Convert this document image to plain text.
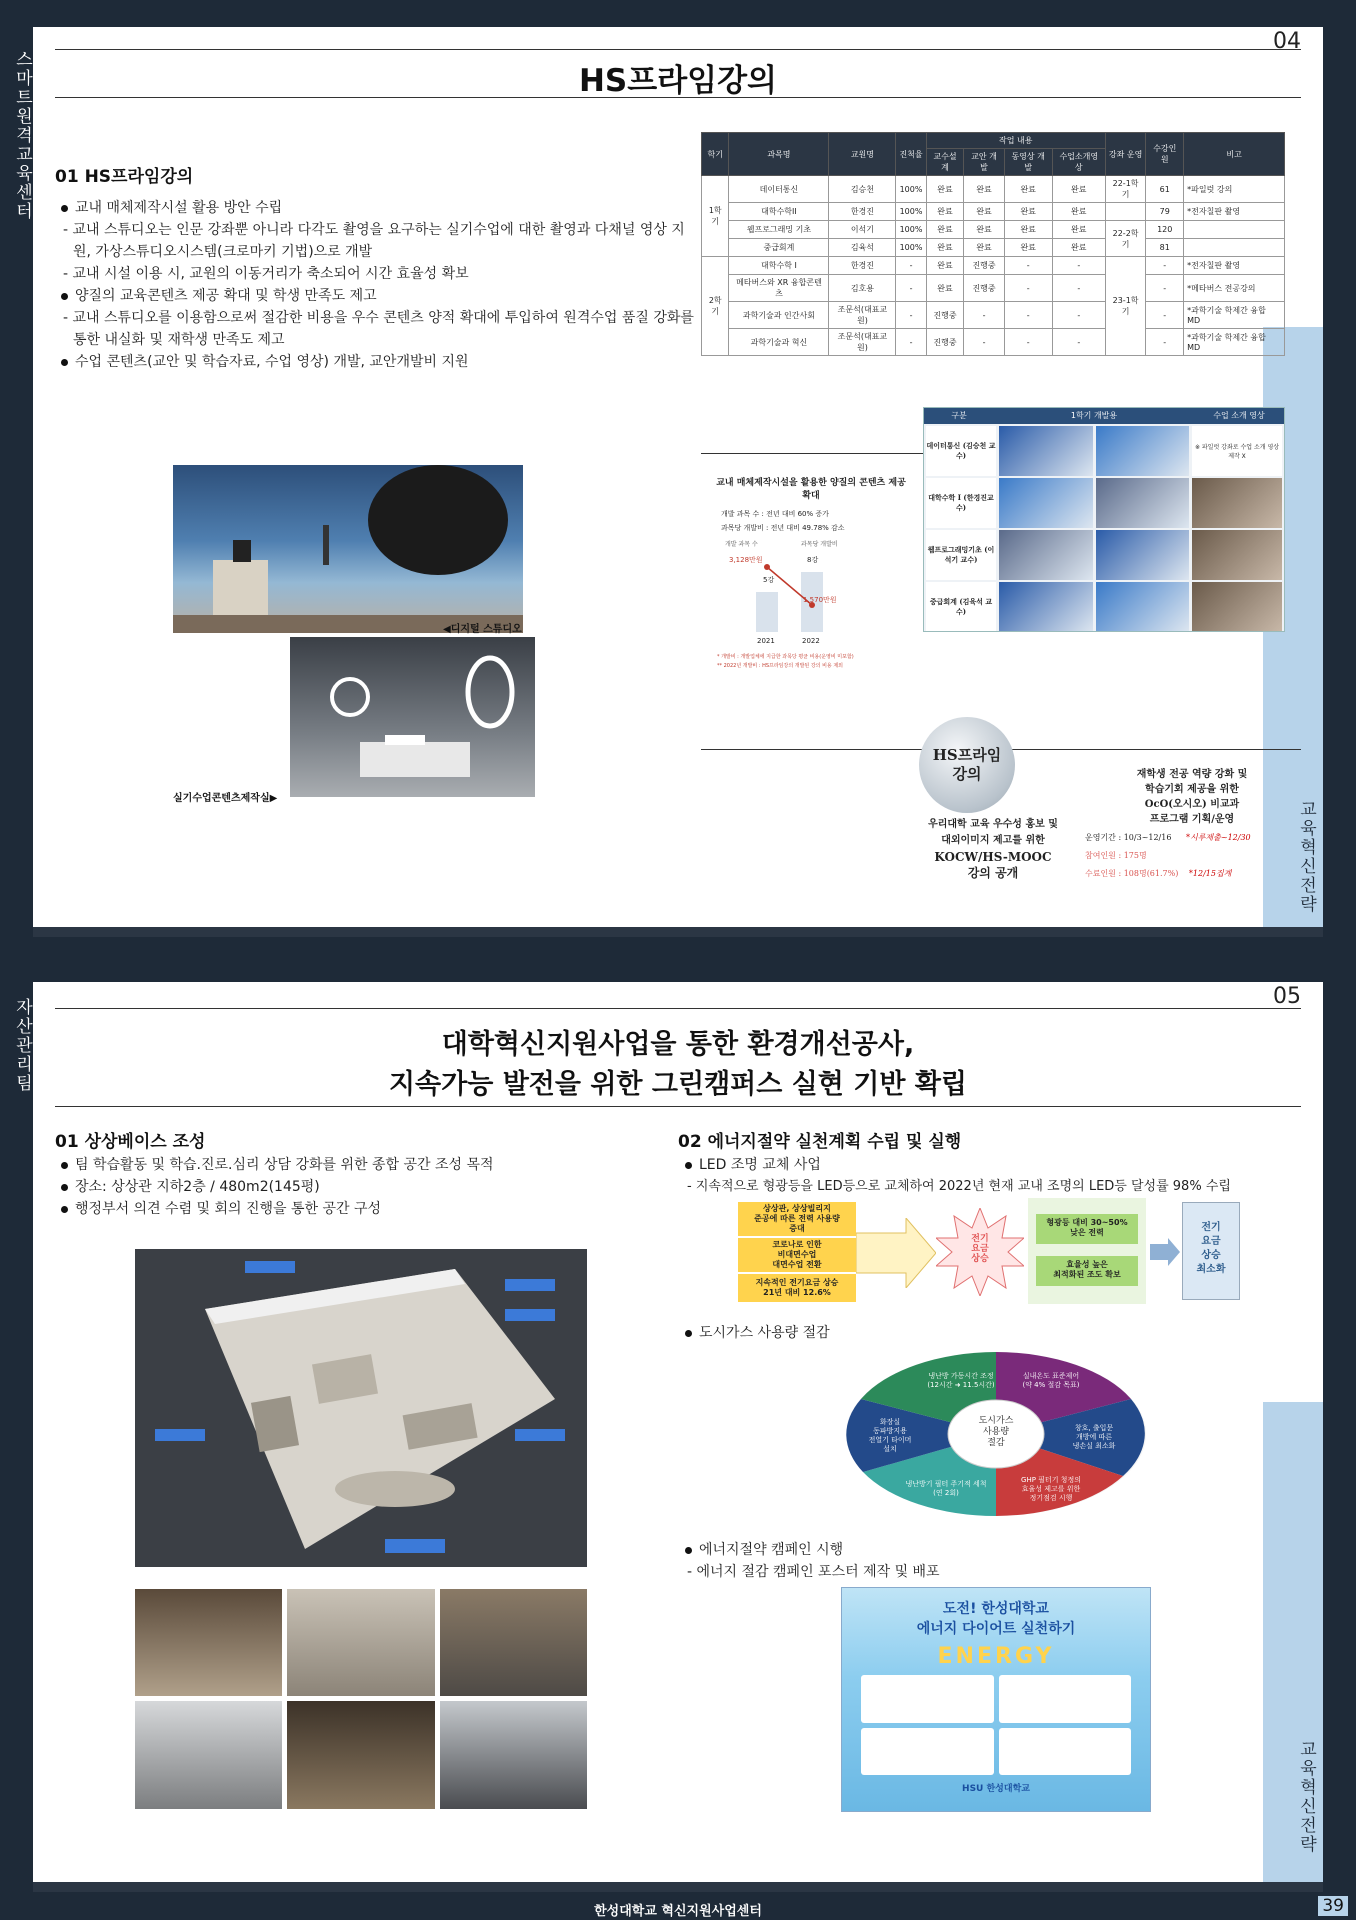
스마트원격교육센터
자산관리팀
교육혁신전략
04
HS프라임강의
01 HS프라임강의
교내 매체제작시설 활용 방안 수립
- 교내 스튜디오는 인문 강좌뿐 아니라 다각도 촬영을 요구하는 실기수업에 대한 촬영과 다채널 영상 지원, 가상스튜디오시스템(크로마키 기법)으로 개발
- 교내 시설 이용 시, 교원의 이동거리가 축소되어 시간 효율성 확보
양질의 교육콘텐츠 제공 확대 및 학생 만족도 제고
- 교내 스튜디오를 이용함으로써 절감한 비용을 우수 콘텐츠 양적 확대에 투입하여 원격수업 품질 강화를 통한 내실화 및 재학생 만족도 제고
수업 콘텐츠(교안 및 학습자료, 수업 영상) 개발, 교안개발비 지원
학기	과목명	교원명	진척율	작업 내용				강좌 운영	수강인원	비고
				교수설계	교안 개발	동영상 개발	수업소개영상			
1학기	데이터통신	김승천	100%	완료	완료	완료	완료	22-1학기	61	*파일럿 강의
	대학수학II	한경진	100%	완료	완료	완료	완료		79	*전자칠판 촬영
	웹프로그래밍 기초	이석기	100%	완료	완료	완료	완료	22-2학기	120	
	중급회계	김육석	100%	완료	완료	완료	완료		81	
2학기	대학수학 I	한경진	-	완료	진행중	-	-	23-1학기	-	*전자칠판 촬영
	메타버스와 XR 융합콘텐츠	김호용	-	완료	진행중	-	-		-	*메타버스 전공강의
	과학기술과 인간사회	조문석(대표교원)	-	진행중	-	-	-		-	*과학기술 학제간 융합 MD
	과학기술과 혁신	조문석(대표교원)	-	진행중	-	-	-		-	*과학기술 학제간 융합 MD
◀디지털 스튜디오
실기수업콘텐츠제작실▶
교내 매체제작시설을 활용한 양질의 콘텐츠 제공 확대
개발 과목 수 : 전년 대비 60% 증가
과목당 개발비 : 전년 대비 49.78% 감소
개발 과목 수	과목당 개발비
3,128만원
1,570만원
5강
8강
2021	2022
* 개발비 : 개발업체에 지급한 과목당 평균 비용(운영비 미포함)
** 2022년 개발비 : HS프라임강의 개발된 강의 비용 제외
구분	1학기 개발용	수업 소개 영상
데이터통신 (김승천 교수)
※ 파일럿 강좌로 수업 소개 영상 제작 X
대학수학 I (한경진교수)
웹프로그래밍기초 (이석기 교수)
중급회계 (김육석 교수)
HS프라임 강의
우리대학 교육 우수성 홍보 및
대외이미지 제고를 위한
KOCW/HS-MOOC
강의 공개
재학생 전공 역량 강화 및
학습기회 제공을 위한
OcO(오시오) 비교과
프로그램 기획/운영
운영기간 : 10/3~12/16 *시루제출~12/30
참여인원 : 175명
수료인원 : 108명(61.7%) *12/15집계
교육혁신전략
05
대학혁신지원사업을 통한 환경개선공사,
지속가능 발전을 위한 그린캠퍼스 실현 기반 확립
01 상상베이스 조성
팀 학습활동 및 학습.진로.심리 상담 강화를 위한 종합 공간 조성 목적
장소: 상상관 지하2층 / 480m2(145평)
행정부서 의견 수렴 및 회의 진행을 통한 공간 구성
02 에너지절약 실천계획 수립 및 실행
LED 조명 교체 사업
- 지속적으로 형광등을 LED등으로 교체하여 2022년 현재 교내 조명의 LED등 달성률 98% 수립
상상관, 상상빌리지
준공에 따른 전력 사용량
증대
코로나로 인한
비대면수업
대면수업 전환
지속적인 전기요금 상승
21년 대비 12.6%
전기
요금
상승
형광등 대비 30~50%
낮은 전력
효율성 높은
최적화된 조도 확보
전기
요금
상승
최소화
도시가스 사용량 절감
도시가스
사용량
절감
냉난방 가동시간 조정
(12시간 ➜ 11.5시간)
실내온도 표준제어
(약 4% 절감 목표)
창호, 출입문
개방에 따른
냉손실 최소화
GHP 필터기 청정의
효율성 제고를 위한
정기점검 시행
냉난방기 필터 주기적 세척
(연 2회)
화장실
동파방지용
전열기 타이머
설치
에너지절약 캠페인 시행
- 에너지 절감 캠페인 포스터 제작 및 배포
도전! 한성대학교
에너지 다이어트 실천하기
ENERGY
HSU 한성대학교
한성대학교 혁신지원사업센터	39
